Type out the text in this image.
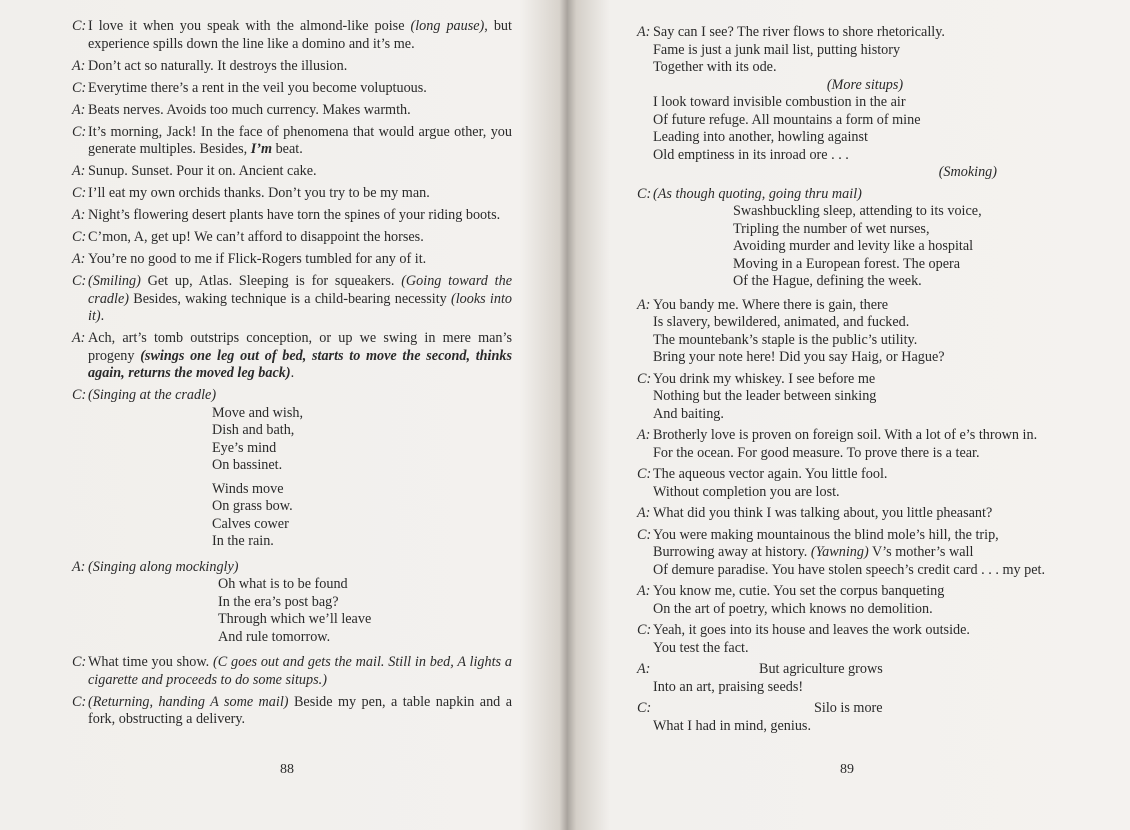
C: I love it when you speak with the almond-like poise (long pause), but experience spills down the line like a domino and it’s me.
A: Don’t act so naturally. It destroys the illusion.
C: Everytime there’s a rent in the veil you become voluptuous.
A: Beats nerves. Avoids too much currency. Makes warmth.
C: It’s morning, Jack! In the face of phenomena that would argue other, you generate multiples. Besides, I’m beat.
A: Sunup. Sunset. Pour it on. Ancient cake.
C: I’ll eat my own orchids thanks. Don’t you try to be my man.
A: Night’s flowering desert plants have torn the spines of your riding boots.
C: C’mon, A, get up! We can’t afford to disappoint the horses.
A: You’re no good to me if Flick-Rogers tumbled for any of it.
C: (Smiling) Get up, Atlas. Sleeping is for squeakers. (Going toward the cradle) Besides, waking technique is a child-bearing necessity (looks into it).
A: Ach, art’s tomb outstrips conception, or up we swing in mere man’s progeny (swings one leg out of bed, starts to move the second, thinks again, returns the moved leg back).
C: (Singing at the cradle)
Move and wish,
Dish and bath,
Eye’s mind
On bassinet.
Winds move
On grass bow.
Calves cower
In the rain.
A: (Singing along mockingly)
Oh what is to be found
In the era’s post bag?
Through which we’ll leave
And rule tomorrow.
C: What time you show. (C goes out and gets the mail. Still in bed, A lights a cigarette and proceeds to do some situps.)
C: (Returning, handing A some mail) Beside my pen, a table napkin and a fork, obstructing a delivery.
88
A: Say can I see? The river flows to shore rhetorically.
Fame is just a junk mail list, putting history
Together with its ode.
(More situps)
I look toward invisible combustion in the air
Of future refuge. All mountains a form of mine
Leading into another, howling against
Old emptiness in its inroad ore . . .
(Smoking)
C: (As though quoting, going thru mail)
Swashbuckling sleep, attending to its voice,
Tripling the number of wet nurses,
Avoiding murder and levity like a hospital
Moving in a European forest. The opera
Of the Hague, defining the week.
A: You bandy me. Where there is gain, there
Is slavery, bewildered, animated, and fucked.
The mountebank’s staple is the public’s utility.
Bring your note here! Did you say Haig, or Hague?
C: You drink my whiskey. I see before me
Nothing but the leader between sinking
And baiting.
A: Brotherly love is proven on foreign soil. With a lot of e’s thrown in.
For the ocean. For good measure. To prove there is a tear.
C: The aqueous vector again. You little fool.
Without completion you are lost.
A: What did you think I was talking about, you little pheasant?
C: You were making mountainous the blind mole’s hill, the trip,
Burrowing away at history. (Yawning) V’s mother’s wall
Of demure paradise. You have stolen speech’s credit card . . . my pet.
A: You know me, cutie. You set the corpus banqueting
On the art of poetry, which knows no demolition.
C: Yeah, it goes into its house and leaves the work outside.
You test the fact.
A:	But agriculture grows
Into an art, praising seeds!
C:	Silo is more
What I had in mind, genius.
89
